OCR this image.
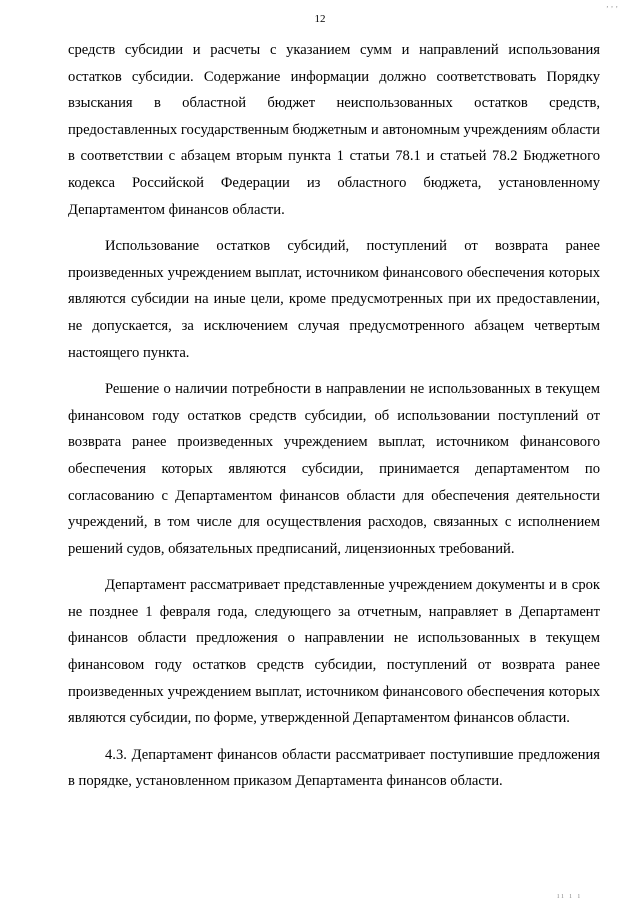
‚ ‚ ‚
12

средств субсидии и расчеты с указанием сумм и направлений использования остатков субсидии. Содержание информации должно соответствовать Порядку взыскания в областной бюджет неиспользованных остатков средств, предоставленных государственным бюджетным и автономным учреждениям области в соответствии с абзацем вторым пункта 1 статьи 78.1 и статьей 78.2 Бюджетного кодекса Российской Федерации из областного бюджета, установленному Департаментом финансов области.

Использование остатков субсидий, поступлений от возврата ранее произведенных учреждением выплат, источником финансового обеспечения которых являются субсидии на иные цели, кроме предусмотренных при их предоставлении, не допускается, за исключением случая предусмотренного абзацем четвертым настоящего пункта.

Решение о наличии потребности в направлении не использованных в текущем финансовом году остатков средств субсидии, об использовании поступлений от возврата ранее произведенных учреждением выплат, источником финансового обеспечения которых являются субсидии, принимается департаментом по согласованию с Департаментом финансов области для обеспечения деятельности учреждений, в том числе для осуществления расходов, связанных с исполнением решений судов, обязательных предписаний, лицензионных требований.

Департамент рассматривает представленные учреждением документы и в срок не позднее 1 февраля года, следующего за отчетным, направляет в Департамент финансов области предложения о направлении не использованных в текущем финансовом году остатков средств субсидии, поступлений от возврата ранее произведенных учреждением выплат, источником финансового обеспечения которых являются субсидии, по форме, утвержденной Департаментом финансов области.

4.3. Департамент финансов области рассматривает поступившие предложения в порядке, установленном приказом Департамента финансов области.

ıı ı ı
